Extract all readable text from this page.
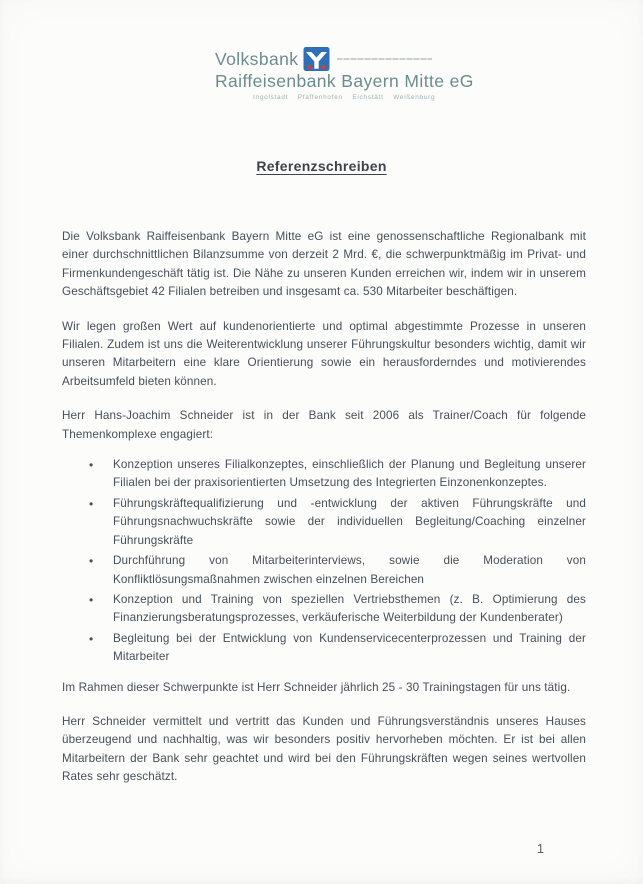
Volksbank
Raiffeisenbank Bayern Mitte eG
Ingolstadt Pfaffenhofen Eichstätt Weißenburg
Referenzschreiben

Die Volksbank Raiffeisenbank Bayern Mitte eG ist eine genossenschaftliche Regionalbank mit einer durchschnittlichen Bilanzsumme von derzeit 2 Mrd. €, die schwerpunktmäßig im Privat- und Firmenkundengeschäft tätig ist. Die Nähe zu unseren Kunden erreichen wir, indem wir in unserem Geschäftsgebiet 42 Filialen betreiben und insgesamt ca. 530 Mitarbeiter beschäftigen.

Wir legen großen Wert auf kundenorientierte und optimal abgestimmte Prozesse in unseren Filialen. Zudem ist uns die Weiterentwicklung unserer Führungskultur besonders wichtig, damit wir unseren Mitarbeitern eine klare Orientierung sowie ein herausforderndes und motivierendes Arbeitsumfeld bieten können.

Herr Hans-Joachim Schneider ist in der Bank seit 2006 als Trainer/Coach für folgende Themenkomplexe engagiert:

• Konzeption unseres Filialkonzeptes, einschließlich der Planung und Begleitung unserer Filialen bei der praxisorientierten Umsetzung des Integrierten Einzonenkonzeptes.
• Führungskräftequalifizierung und -entwicklung der aktiven Führungskräfte und Führungsnachwuchskräfte sowie der individuellen Begleitung/Coaching einzelner Führungskräfte
• Durchführung von Mitarbeiterinterviews, sowie die Moderation von Konfliktlösungsmaßnahmen zwischen einzelnen Bereichen
• Konzeption und Training von speziellen Vertriebsthemen (z. B. Optimierung des Finanzierungsberatungsprozesses, verkäuferische Weiterbildung der Kundenberater)
• Begleitung bei der Entwicklung von Kundenservicecenterprozessen und Training der Mitarbeiter

Im Rahmen dieser Schwerpunkte ist Herr Schneider jährlich 25 - 30 Trainingstagen für uns tätig.

Herr Schneider vermittelt und vertritt das Kunden und Führungsverständnis unseres Hauses überzeugend und nachhaltig, was wir besonders positiv hervorheben möchten. Er ist bei allen Mitarbeitern der Bank sehr geachtet und wird bei den Führungskräften wegen seines wertvollen Rates sehr geschätzt.

1
